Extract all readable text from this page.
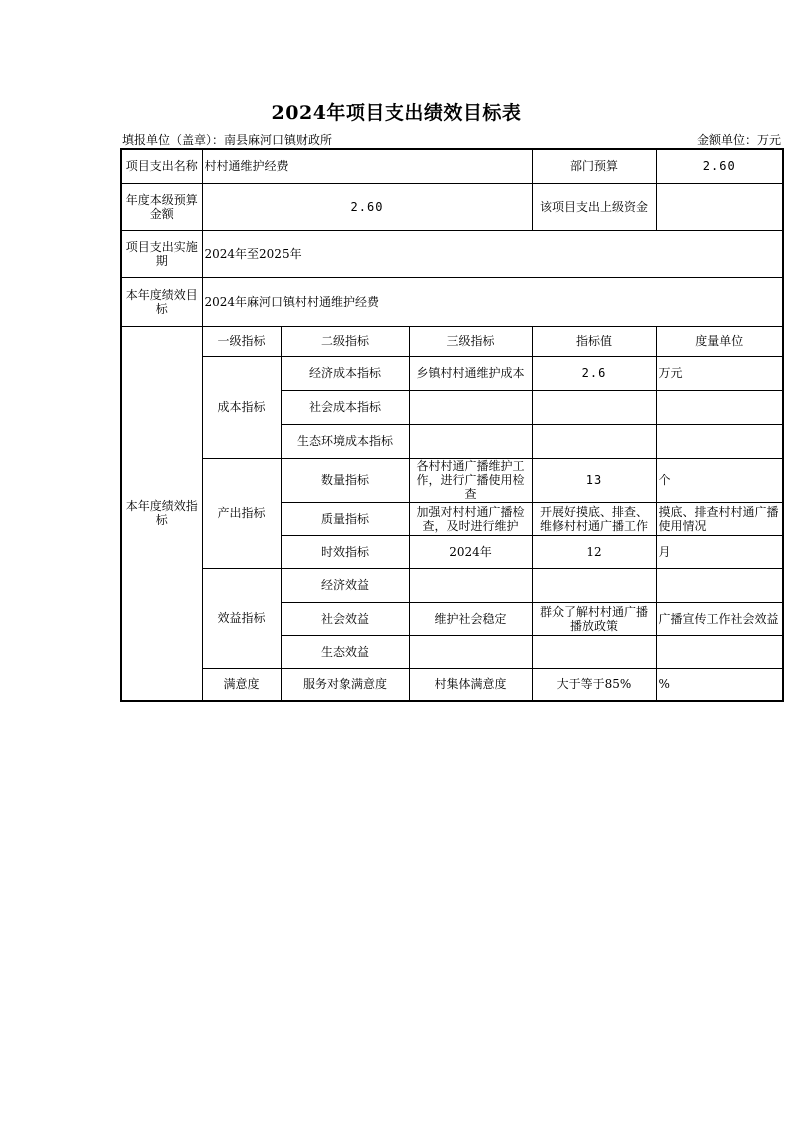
2024年项目支出绩效目标表
填报单位（盖章）：南县麻河口镇财政所	金额单位：万元
项目支出名称	村村通维护经费			部门预算	2.60
年度本级预算金额	2.60			该项目支出上级资金	
项目支出实施期	2024年至2025年				
本年度绩效目标	2024年麻河口镇村村通维护经费				
本年度绩效指标	一级指标	二级指标	三级指标	指标值	度量单位
	成本指标	经济成本指标	乡镇村村通维护成本	2.6	万元
		社会成本指标			
		生态环境成本指标			
	产出指标	数量指标	各村村通广播维护工作，进行广播使用检查	13	个
		质量指标	加强对村村通广播检查，及时进行维护	开展好摸底、排查、维修村村通广播工作	摸底、排查村村通广播使用情况
		时效指标	2024年	12	月
	效益指标	经济效益			
		社会效益	维护社会稳定	群众了解村村通广播播放政策	广播宣传工作社会效益
		生态效益			
	满意度	服务对象满意度	村集体满意度	大于等于85%	%
